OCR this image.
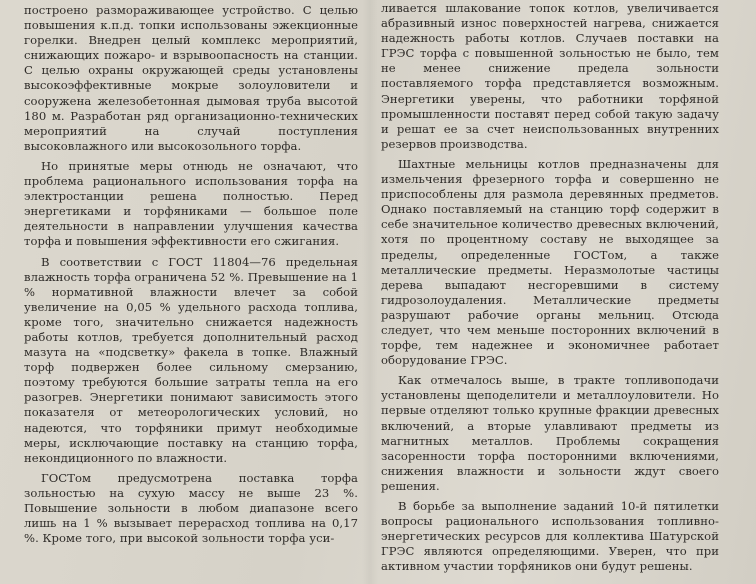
построено размораживающее устройство. С целью повышения к.п.д. топки использованы эжекционные горелки. Внедрен целый комплекс мероприятий, снижающих пожаро- и взрывоопасность на станции. С целью охраны окружающей среды установлены высокоэффективные мокрые золоуловители и сооружена железобетонная дымовая труба высотой 180 м. Разработан ряд организационно-технических мероприятий на случай поступления высоковлажного или высокозольного торфа.

Но принятые меры отнюдь не означают, что проблема рационального использования торфа на электростанции решена полностью. Перед энергетиками и торфяниками — большое поле деятельности в направлении улучшения качества торфа и повышения эффективности его сжигания.

В соответствии с ГОСТ 11804—76 предельная влажность торфа ограничена 52 %. Превышение на 1 % нормативной влажности влечет за собой увеличение на 0,05 % удельного расхода топлива, кроме того, значительно снижается надежность работы котлов, требуется дополнительный расход мазута на «подсветку» факела в топке. Влажный торф подвержен более сильному смерзанию, поэтому требуются большие затраты тепла на его разогрев. Энергетики понимают зависимость этого показателя от метеорологических условий, но надеются, что торфяники примут необходимые меры, исключающие поставку на станцию торфа, некондиционного по влажности.

ГОСТом предусмотрена поставка торфа зольностью на сухую массу не выше 23 %. Повышение зольности в любом диапазоне всего лишь на 1 % вызывает перерасход топлива на 0,17 %. Кроме того, при высокой зольности торфа уси-

ливается шлакование топок котлов, увеличивается абразивный износ поверхностей нагрева, снижается надежность работы котлов. Случаев поставки на ГРЭС торфа с повышенной зольностью не было, тем не менее снижение предела зольности поставляемого торфа представляется возможным. Энергетики уверены, что работники торфяной промышленности поставят перед собой такую задачу и решат ее за счет неиспользованных внутренних резервов производства.

Шахтные мельницы котлов предназначены для измельчения фрезерного торфа и совершенно не приспособлены для размола деревянных предметов. Однако поставляемый на станцию торф содержит в себе значительное количество древесных включений, хотя по процентному составу не выходящее за пределы, определенные ГОСТом, а также металлические предметы. Неразмолотые частицы дерева выпадают несгоревшими в систему гидрозолоудаления. Металлические предметы разрушают рабочие органы мельниц. Отсюда следует, что чем меньше посторонних включений в торфе, тем надежнее и экономичнее работает оборудование ГРЭС.

Как отмечалось выше, в тракте топливоподачи установлены щеподелители и металлоуловители. Но первые отделяют только крупные фракции древесных включений, а вторые улавливают предметы из магнитных металлов. Проблемы сокращения засоренности торфа посторонними включениями, снижения влажности и зольности ждут своего решения.

В борьбе за выполнение заданий 10-й пятилетки вопросы рационального использования топливно-энергетических ресурсов для коллектива Шатурской ГРЭС являются определяющими. Уверен, что при активном участии торфяников они будут решены.
